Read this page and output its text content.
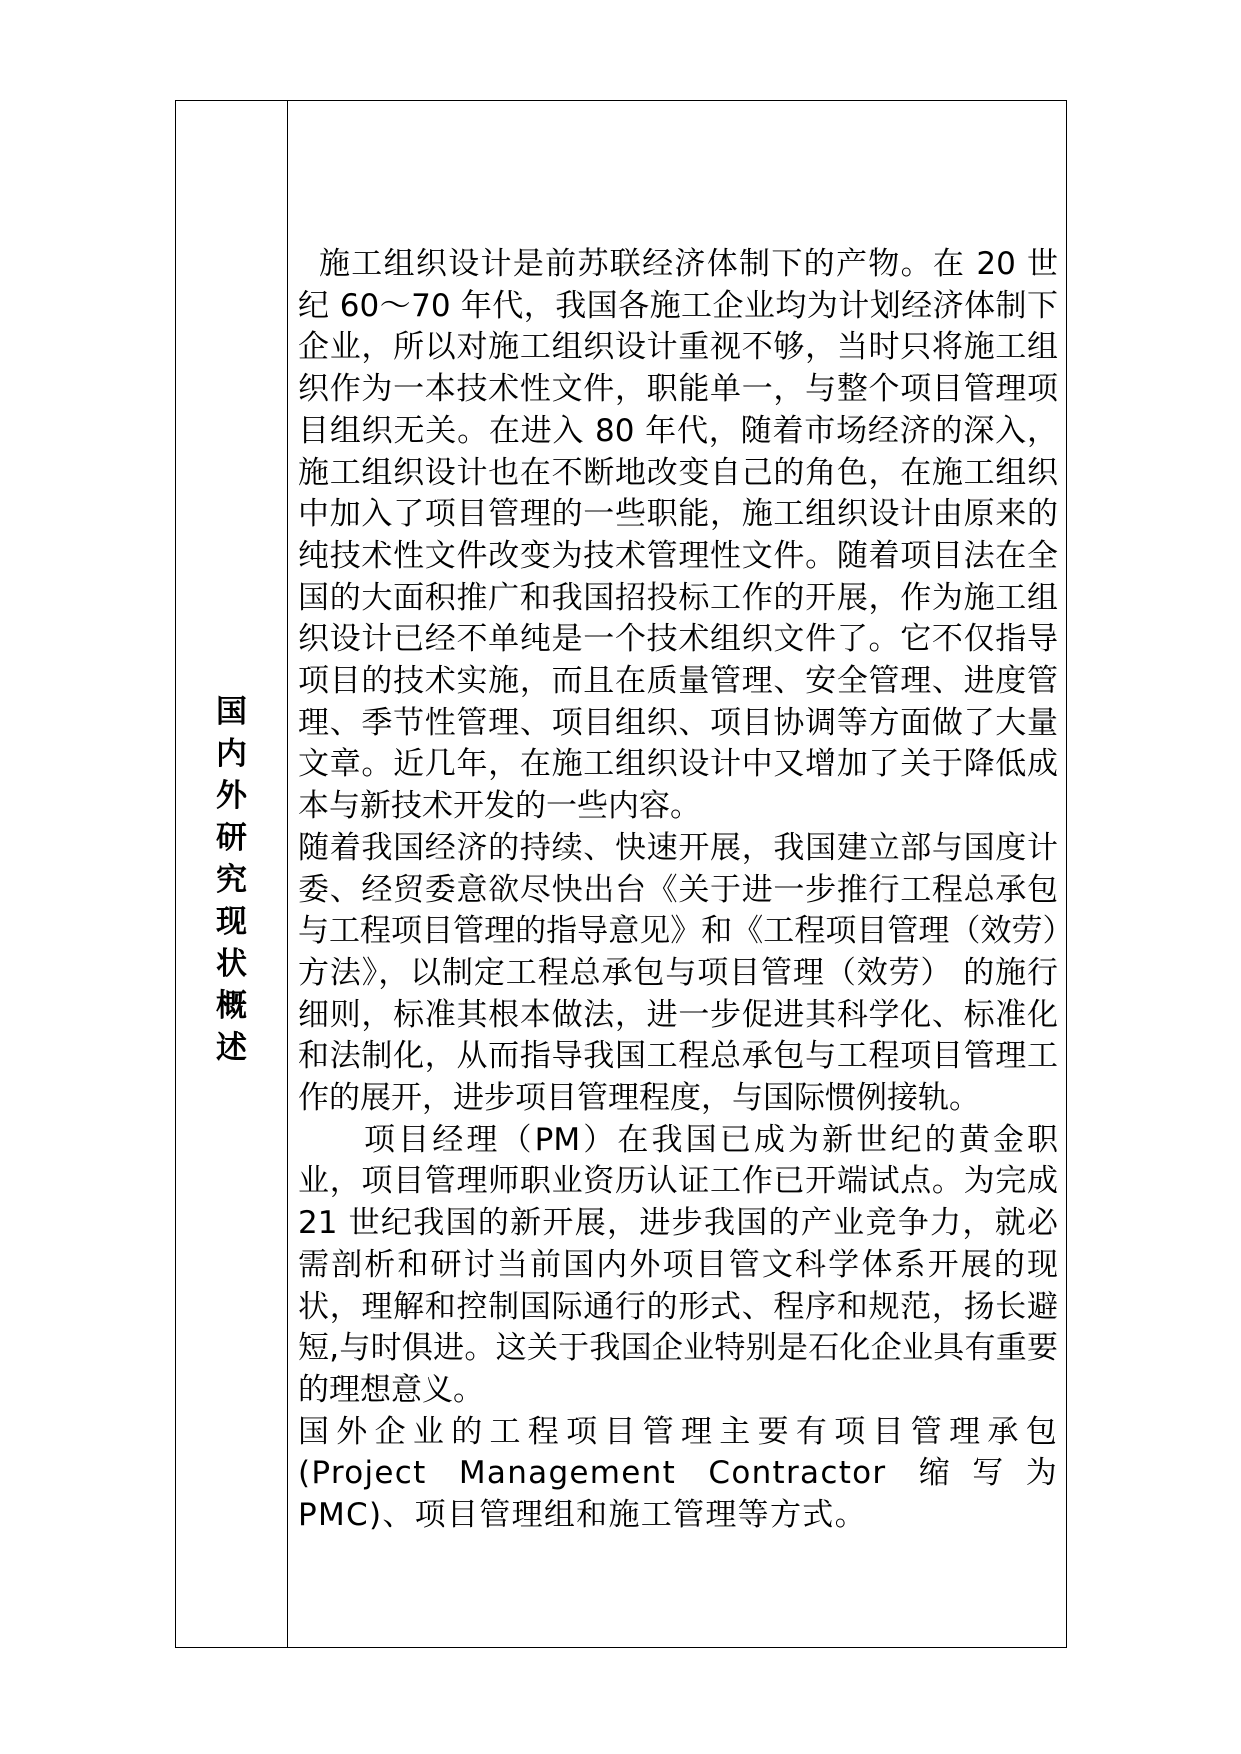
国
内
外
研
究
现
状
概
述

施工组织设计是前苏联经济体制下的产物。在 20 世纪 60～70 年代，我国各施工企业均为计划经济体制下企业，所以对施工组织设计重视不够，当时只将施工组织作为一本技术性文件，职能单一，与整个项目管理项目组织无关。在进入 80 年代，随着市场经济的深入，施工组织设计也在不断地改变自己的角色，在施工组织中加入了项目管理的一些职能，施工组织设计由原来的纯技术性文件改变为技术管理性文件。随着项目法在全国的大面积推广和我国招投标工作的开展，作为施工组织设计已经不单纯是一个技术组织文件了。它不仅指导项目的技术实施，而且在质量管理、安全管理、进度管理、季节性管理、项目组织、项目协调等方面做了大量文章。近几年，在施工组织设计中又增加了关于降低成本与新技术开发的一些内容。

随着我国经济的持续、快速开展，我国建立部与国度计委、经贸委意欲尽快出台《关于进一步推行工程总承包与工程项目管理的指导意见》和《工程项目管理（效劳）方法》，以制定工程总承包与项目管理（效劳） 的施行细则，标准其根本做法，进一步促进其科学化、标准化和法制化，从而指导我国工程总承包与工程项目管理工作的展开，进步项目管理程度，与国际惯例接轨。

项目经理（PM）在我国已成为新世纪的黄金职业，项目管理师职业资历认证工作已开端试点。为完成 21 世纪我国的新开展，进步我国的产业竞争力，就必需剖析和研讨当前国内外项目管文科学体系开展的现状，理解和控制国际通行的形式、程序和规范，扬长避短,与时俱进。这关于我国企业特别是石化企业具有重要的理想意义。

国外企业的工程项目管理主要有项目管理承包(Project Management Contractor 缩写为 PMC)、项目管理组和施工管理等方式。
